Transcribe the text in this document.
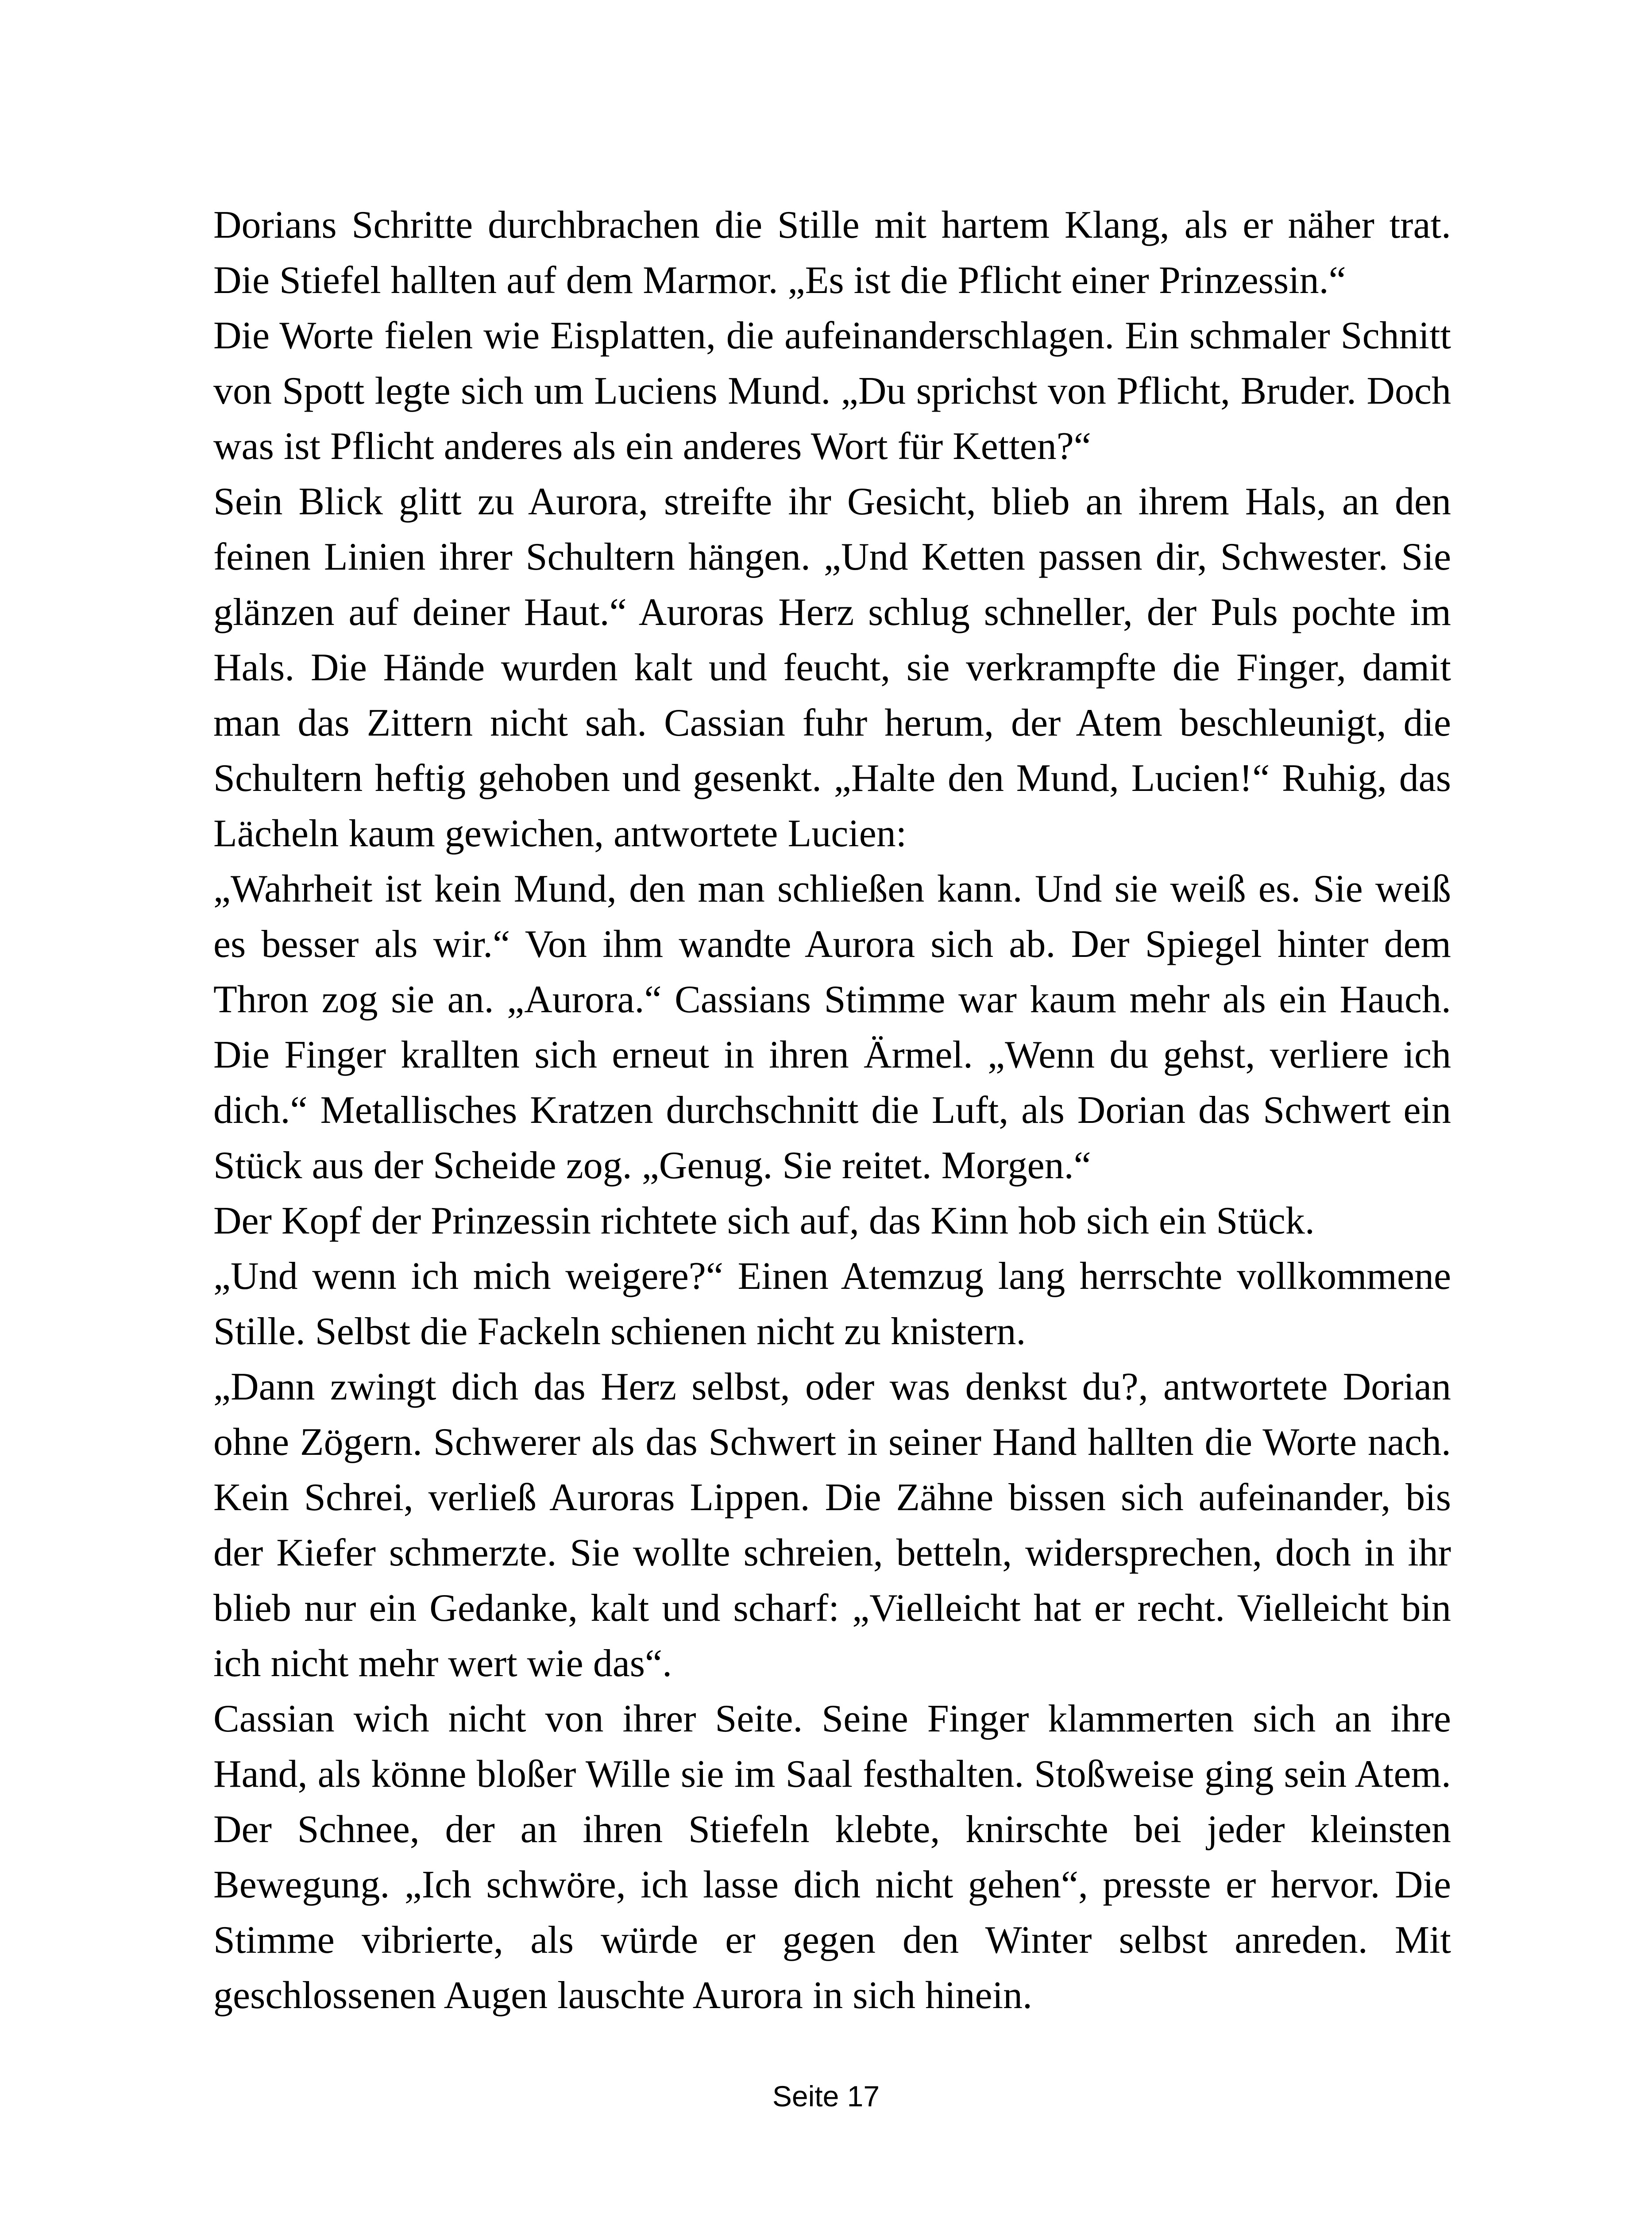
Dorians Schritte durchbrachen die Stille mit hartem Klang, als er näher trat. Die Stiefel hallten auf dem Marmor. „Es ist die Pflicht einer Prinzessin.“

Die Worte fielen wie Eisplatten, die aufeinanderschlagen. Ein schmaler Schnitt von Spott legte sich um Luciens Mund. „Du sprichst von Pflicht, Bruder. Doch was ist Pflicht anderes als ein anderes Wort für Ketten?“

Sein Blick glitt zu Aurora, streifte ihr Gesicht, blieb an ihrem Hals, an den feinen Linien ihrer Schultern hängen. „Und Ketten passen dir, Schwester. Sie glänzen auf deiner Haut.“ Auroras Herz schlug schneller, der Puls pochte im Hals. Die Hände wurden kalt und feucht, sie verkrampfte die Finger, damit man das Zittern nicht sah. Cassian fuhr herum, der Atem beschleunigt, die Schultern heftig gehoben und gesenkt. „Halte den Mund, Lucien!“ Ruhig, das Lächeln kaum gewichen, antwortete Lucien:

„Wahrheit ist kein Mund, den man schließen kann. Und sie weiß es. Sie weiß es besser als wir.“ Von ihm wandte Aurora sich ab. Der Spiegel hinter dem Thron zog sie an. „Aurora.“ Cassians Stimme war kaum mehr als ein Hauch. Die Finger krallten sich erneut in ihren Ärmel. „Wenn du gehst, verliere ich dich.“ Metallisches Kratzen durchschnitt die Luft, als Dorian das Schwert ein Stück aus der Scheide zog. „Genug. Sie reitet. Morgen.“

Der Kopf der Prinzessin richtete sich auf, das Kinn hob sich ein Stück.

„Und wenn ich mich weigere?“ Einen Atemzug lang herrschte vollkommene Stille. Selbst die Fackeln schienen nicht zu knistern.

„Dann zwingt dich das Herz selbst, oder was denkst du?, antwortete Dorian ohne Zögern. Schwerer als das Schwert in seiner Hand hallten die Worte nach. Kein Schrei, verließ Auroras Lippen. Die Zähne bissen sich aufeinander, bis der Kiefer schmerzte. Sie wollte schreien, betteln, widersprechen, doch in ihr blieb nur ein Gedanke, kalt und scharf: „Vielleicht hat er recht. Vielleicht bin ich nicht mehr wert wie das“.

Cassian wich nicht von ihrer Seite. Seine Finger klammerten sich an ihre Hand, als könne bloßer Wille sie im Saal festhalten. Stoßweise ging sein Atem. Der Schnee, der an ihren Stiefeln klebte, knirschte bei jeder kleinsten Bewegung. „Ich schwöre, ich lasse dich nicht gehen“, presste er hervor. Die Stimme vibrierte, als würde er gegen den Winter selbst anreden. Mit geschlossenen Augen lauschte Aurora in sich hinein.

Seite 17
